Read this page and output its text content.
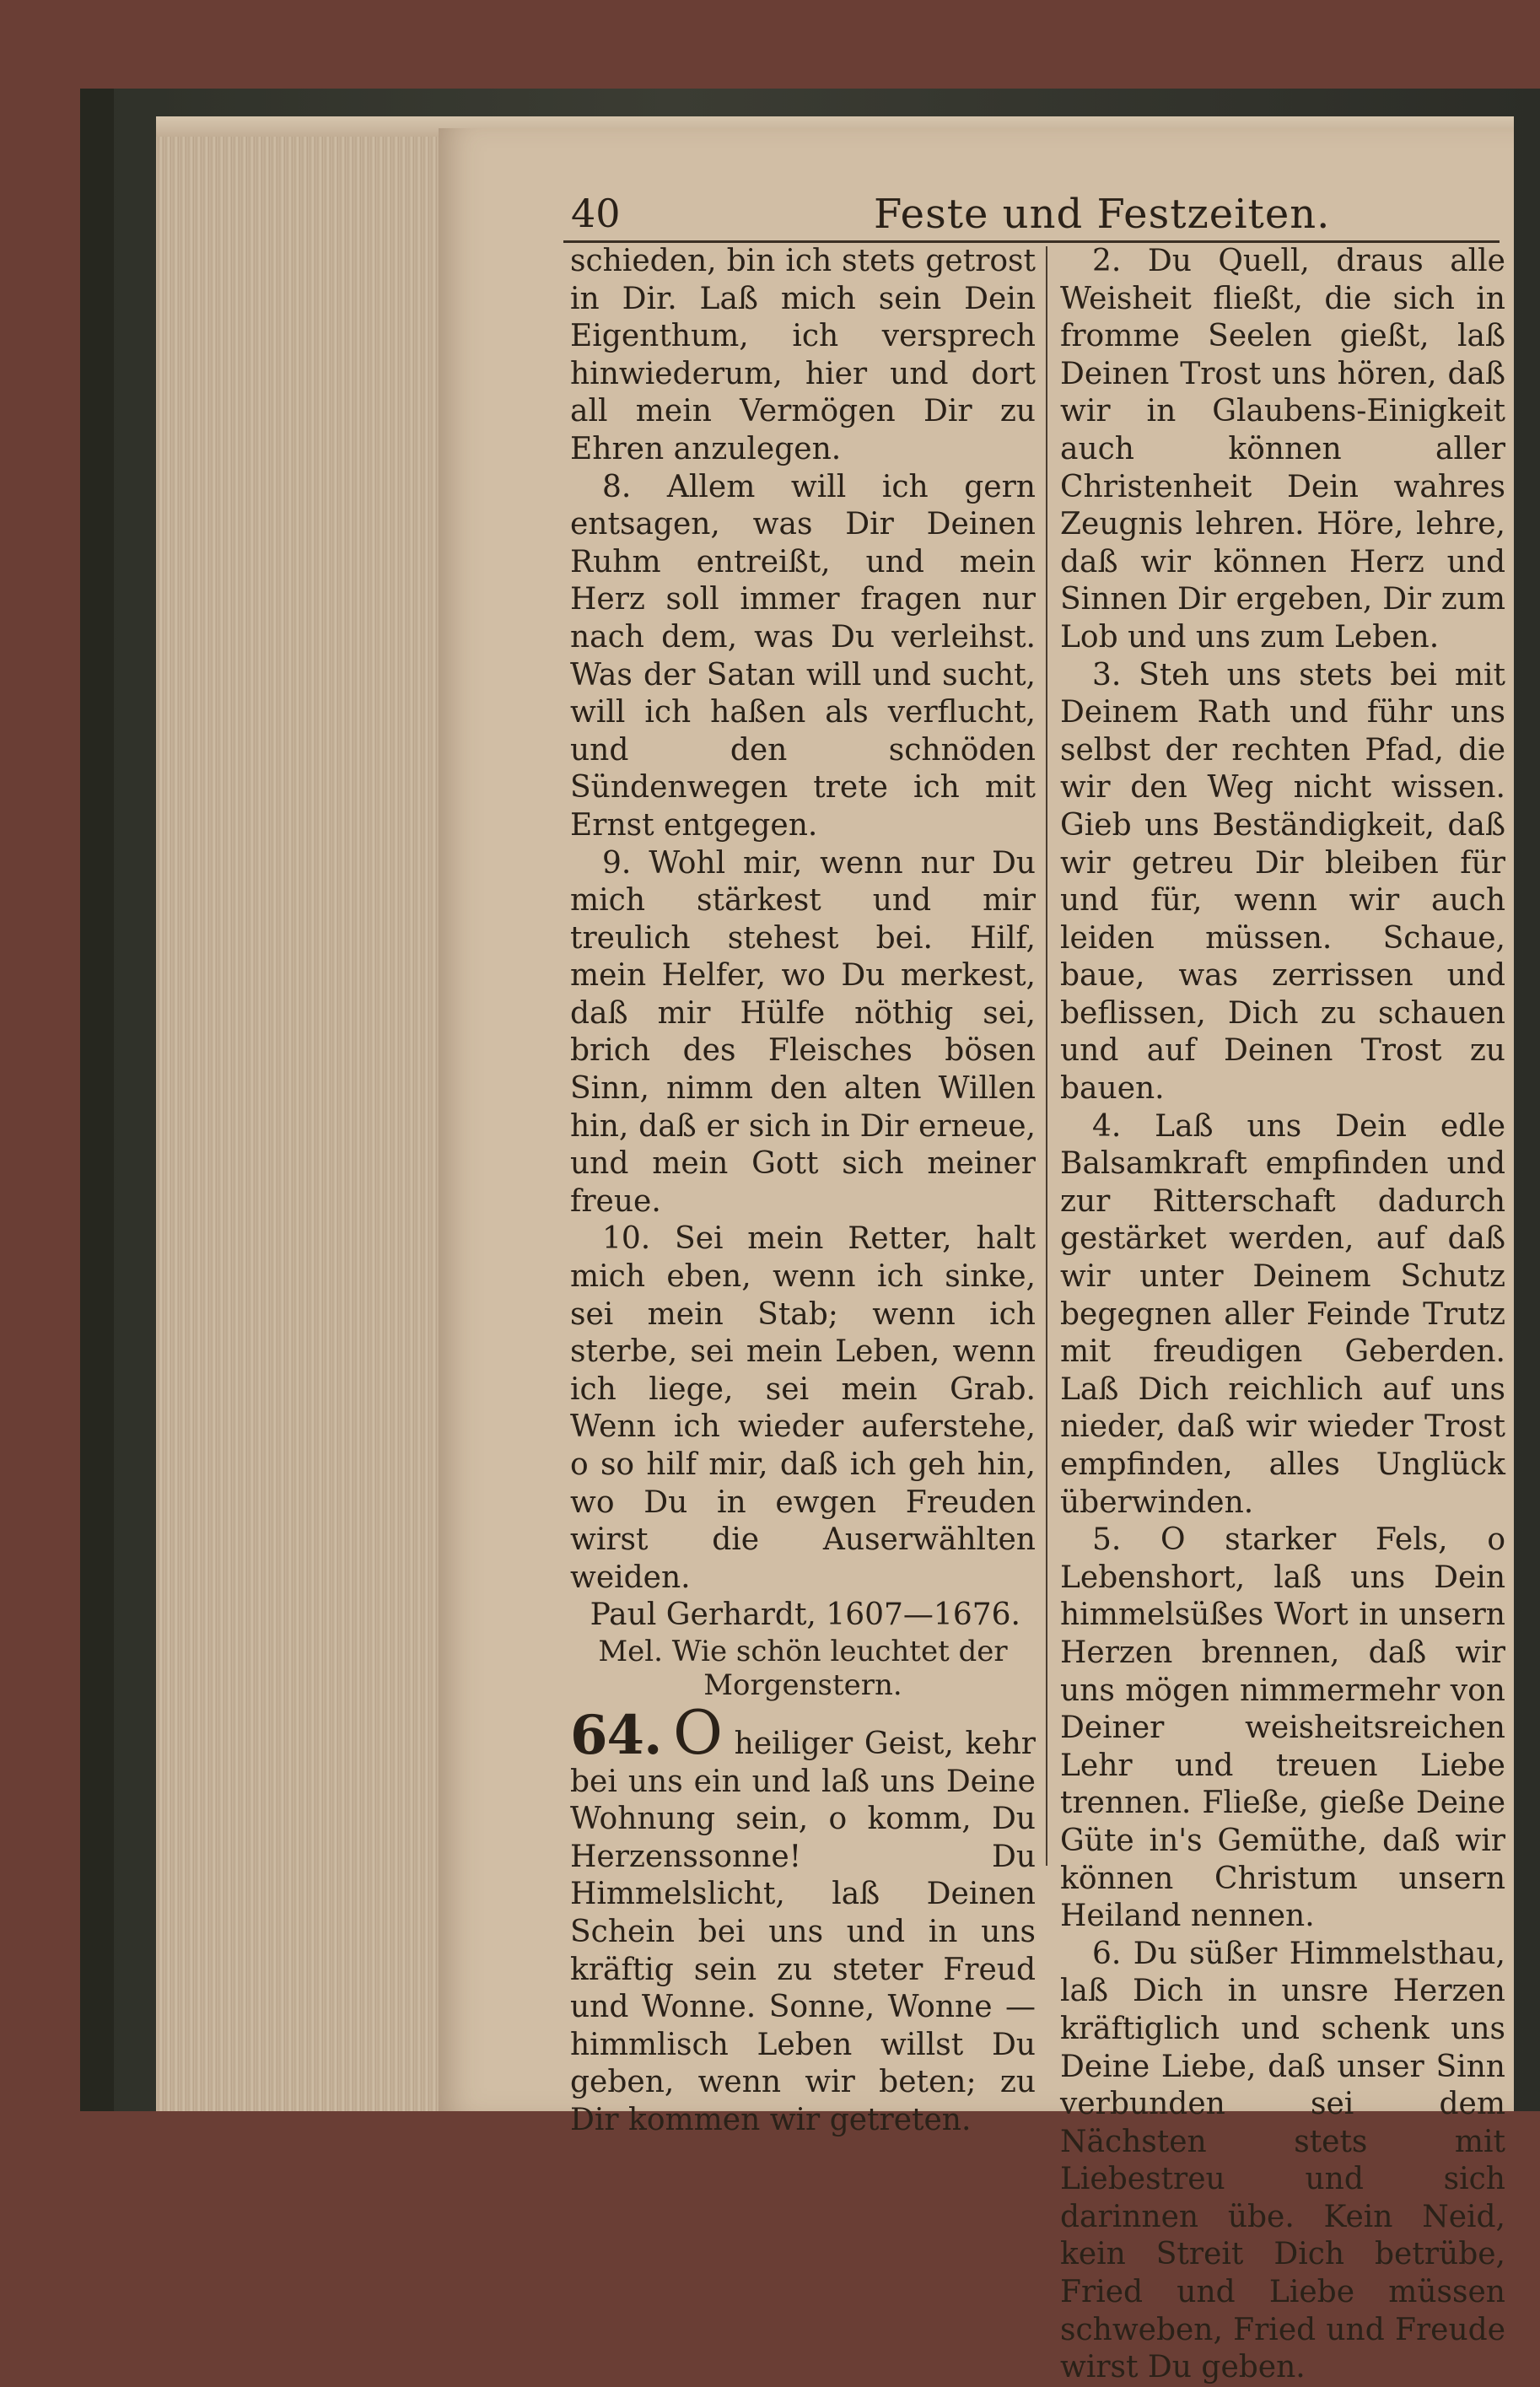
40	Feste und Festzeiten.

schieden, bin ich stets getrost in Dir. Laß mich sein Dein Eigenthum, ich versprech hinwiederum, hier und dort all mein Vermögen Dir zu Ehren anzulegen.

8. Allem will ich gern entsagen, was Dir Deinen Ruhm entreißt, und mein Herz soll immer fragen nur nach dem, was Du verleihst. Was der Satan will und sucht, will ich haßen als verflucht, und den schnöden Sündenwegen trete ich mit Ernst entgegen.

9. Wohl mir, wenn nur Du mich stärkest und mir treulich stehest bei. Hilf, mein Helfer, wo Du merkest, daß mir Hülfe nöthig sei, brich des Fleisches bösen Sinn, nimm den alten Willen hin, daß er sich in Dir erneue, und mein Gott sich meiner freue.

10. Sei mein Retter, halt mich eben, wenn ich sinke, sei mein Stab; wenn ich sterbe, sei mein Leben, wenn ich liege, sei mein Grab. Wenn ich wieder auferstehe, o so hilf mir, daß ich geh hin, wo Du in ewgen Freuden wirst die Auserwählten weiden.

Paul Gerhardt, 1607—1676.

Mel. Wie schön leuchtet der Morgenstern.

64. O heiliger Geist, kehr bei uns ein und laß uns Deine Wohnung sein, o komm, Du Herzenssonne! Du Himmelslicht, laß Deinen Schein bei uns und in uns kräftig sein zu steter Freud und Wonne. Sonne, Wonne — himmlisch Leben willst Du geben, wenn wir beten; zu Dir kommen wir getreten.

2. Du Quell, draus alle Weisheit fließt, die sich in fromme Seelen gießt, laß Deinen Trost uns hören, daß wir in Glaubens-Einigkeit auch können aller Christenheit Dein wahres Zeugnis lehren. Höre, lehre, daß wir können Herz und Sinnen Dir ergeben, Dir zum Lob und uns zum Leben.

3. Steh uns stets bei mit Deinem Rath und führ uns selbst der rechten Pfad, die wir den Weg nicht wissen. Gieb uns Beständigkeit, daß wir getreu Dir bleiben für und für, wenn wir auch leiden müssen. Schaue, baue, was zerrissen und beflissen, Dich zu schauen und auf Deinen Trost zu bauen.

4. Laß uns Dein edle Balsamkraft empfinden und zur Ritterschaft dadurch gestärket werden, auf daß wir unter Deinem Schutz begegnen aller Feinde Trutz mit freudigen Geberden. Laß Dich reichlich auf uns nieder, daß wir wieder Trost empfinden, alles Unglück überwinden.

5. O starker Fels, o Lebenshort, laß uns Dein himmelsüßes Wort in unsern Herzen brennen, daß wir uns mögen nimmermehr von Deiner weisheitsreichen Lehr und treuen Liebe trennen. Fließe, gieße Deine Güte in's Gemüthe, daß wir können Christum unsern Heiland nennen.

6. Du süßer Himmelsthau, laß Dich in unsre Herzen kräftiglich und schenk uns Deine Liebe, daß unser Sinn verbunden sei dem Nächsten stets mit Liebestreu und sich darinnen übe. Kein Neid, kein Streit Dich betrübe, Fried und Liebe müssen schweben, Fried und Freude wirst Du geben.
